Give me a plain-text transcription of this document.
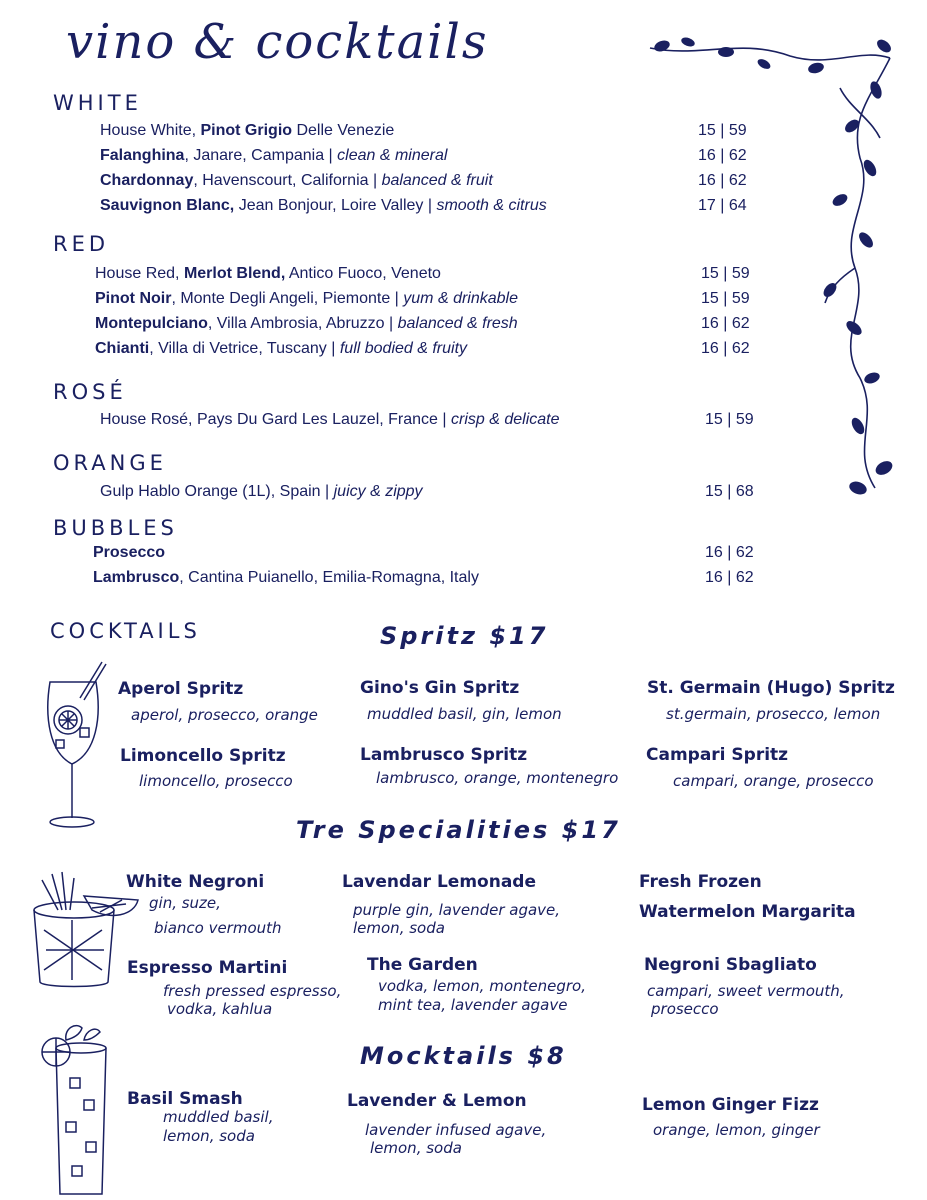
vino & cocktails
WHITE
House White, Pinot Grigio Delle Venezie	15 | 59
Falanghina, Janare, Campania | clean & mineral	16 | 62
Chardonnay, Havenscourt, California | balanced & fruit	16 | 62
Sauvignon Blanc, Jean Bonjour, Loire Valley | smooth & citrus	17 | 64
RED
House Red, Merlot Blend, Antico Fuoco, Veneto	15 | 59
Pinot Noir, Monte Degli Angeli, Piemonte | yum & drinkable	15 | 59
Montepulciano, Villa Ambrosia, Abruzzo | balanced & fresh	16 | 62
Chianti, Villa di Vetrice, Tuscany | full bodied & fruity	16 | 62
ROSÉ
House Rosé, Pays Du Gard Les Lauzel, France | crisp & delicate	15 | 59
ORANGE
Gulp Hablo Orange (1L), Spain | juicy & zippy	15 | 68
BUBBLES
Prosecco	16 | 62
Lambrusco, Cantina Puianello, Emilia-Romagna, Italy	16 | 62
COCKTAILS	Spritz $17
Aperol Spritz
aperol, prosecco, orange
Gino's Gin Spritz
muddled basil, gin, lemon
St. Germain (Hugo) Spritz
st.germain, prosecco, lemon
Limoncello Spritz
limoncello, prosecco
Lambrusco Spritz
lambrusco, orange, montenegro
Campari Spritz
campari, orange, prosecco
Tre Specialities $17
White Negroni
gin, suze,
bianco vermouth
Lavendar Lemonade
purple gin, lavender agave,
lemon, soda
Fresh Frozen
Watermelon Margarita
Espresso Martini
fresh pressed espresso,
vodka, kahlua
The Garden
vodka, lemon, montenegro,
mint tea, lavender agave
Negroni Sbagliato
campari, sweet vermouth,
prosecco
Mocktails $8
Basil Smash
muddled basil,
lemon, soda
Lavender & Lemon
lavender infused agave,
lemon, soda
Lemon Ginger Fizz
orange, lemon, ginger
